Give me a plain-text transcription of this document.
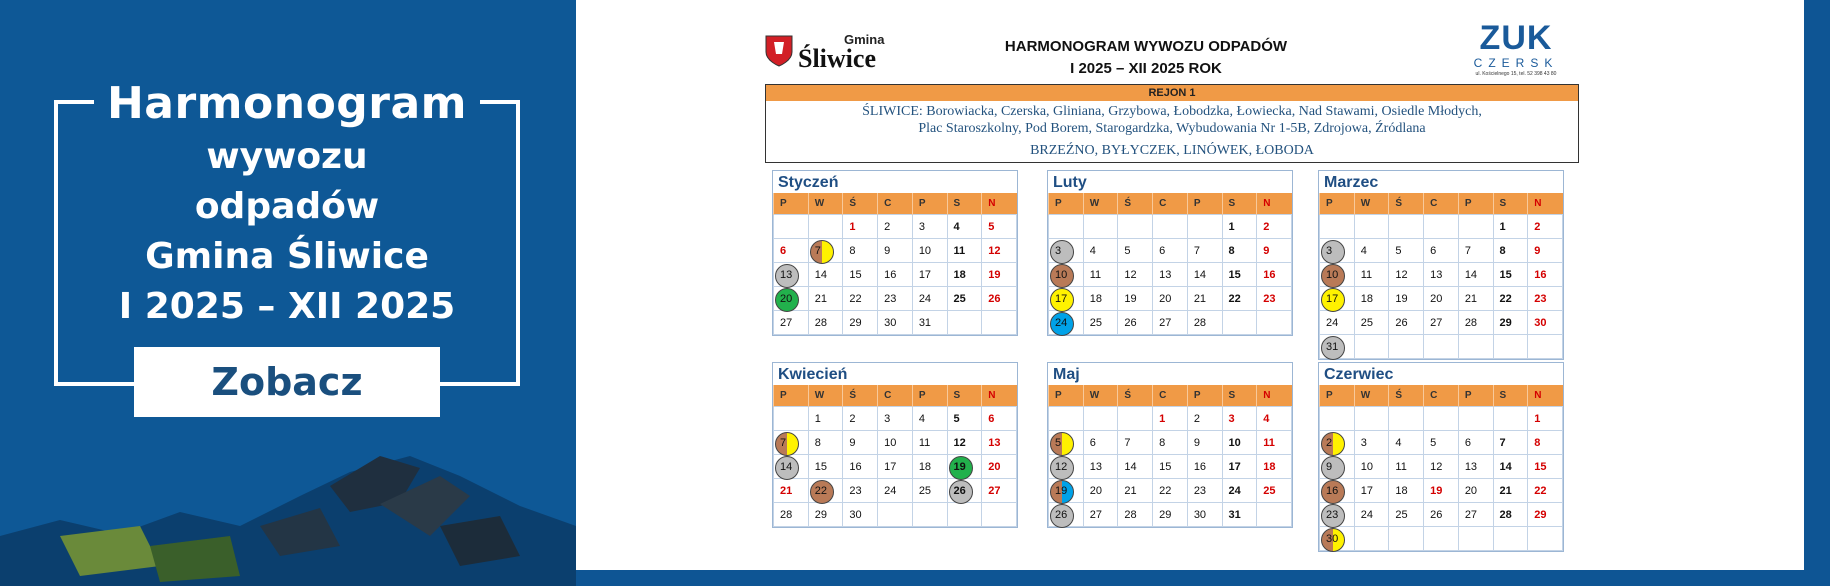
Harmonogram
wywozu
odpadów
Gmina Śliwice
I 2025 – XII 2025
Zobacz
Gmina
Śliwice	HARMONOGRAM WYWOZU ODPADÓW
I 2025 – XII 2025 ROK
ZUK
CZERSK
ul. Kościelnego 15, tel. 52 398 43 80
REJON 1
ŚLIWICE: Borowiacka, Czerska, Gliniana, Grzybowa, Łobodzka, Łowiecka, Nad Stawami, Osiedle Młodych,
Plac Staroszkolny, Pod Borem, Starogardzka, Wybudowania Nr 1-5B, Zdrojowa, Źródlana
BRZEŹNO, BYŁYCZEK, LINÓWEK, ŁOBODA
Styczeń
P	W	Ś	C	P	S	N
		1	2	3	4	5
6	7	8	9	10	11	12

13	14	15	16	17	18	19

20	21	22	23	24	25	26
27	28	29	30	31		
Luty
P	W	Ś	C	P	S	N
					1	2

3	4	5	6	7	8	9

10	11	12	13	14	15	16

17	18	19	20	21	22	23

24	25	26	27	28		
Marzec
P	W	Ś	C	P	S	N
					1	2

3	4	5	6	7	8	9

10	11	12	13	14	15	16

17	18	19	20	21	22	23
24	25	26	27	28	29	30

31						
Kwiecień
P	W	Ś	C	P	S	N
	1	2	3	4	5	6

7	8	9	10	11	12	13

14	15	16	17	18	19	20
21	22	23	24	25	26	27
28	29	30				
Maj
P	W	Ś	C	P	S	N
			1	2	3	4

5	6	7	8	9	10	11

12	13	14	15	16	17	18

19	20	21	22	23	24	25

26	27	28	29	30	31	
Czerwiec
P	W	Ś	C	P	S	N
						1

2	3	4	5	6	7	8

9	10	11	12	13	14	15

16	17	18	19	20	21	22

23	24	25	26	27	28	29

30						
